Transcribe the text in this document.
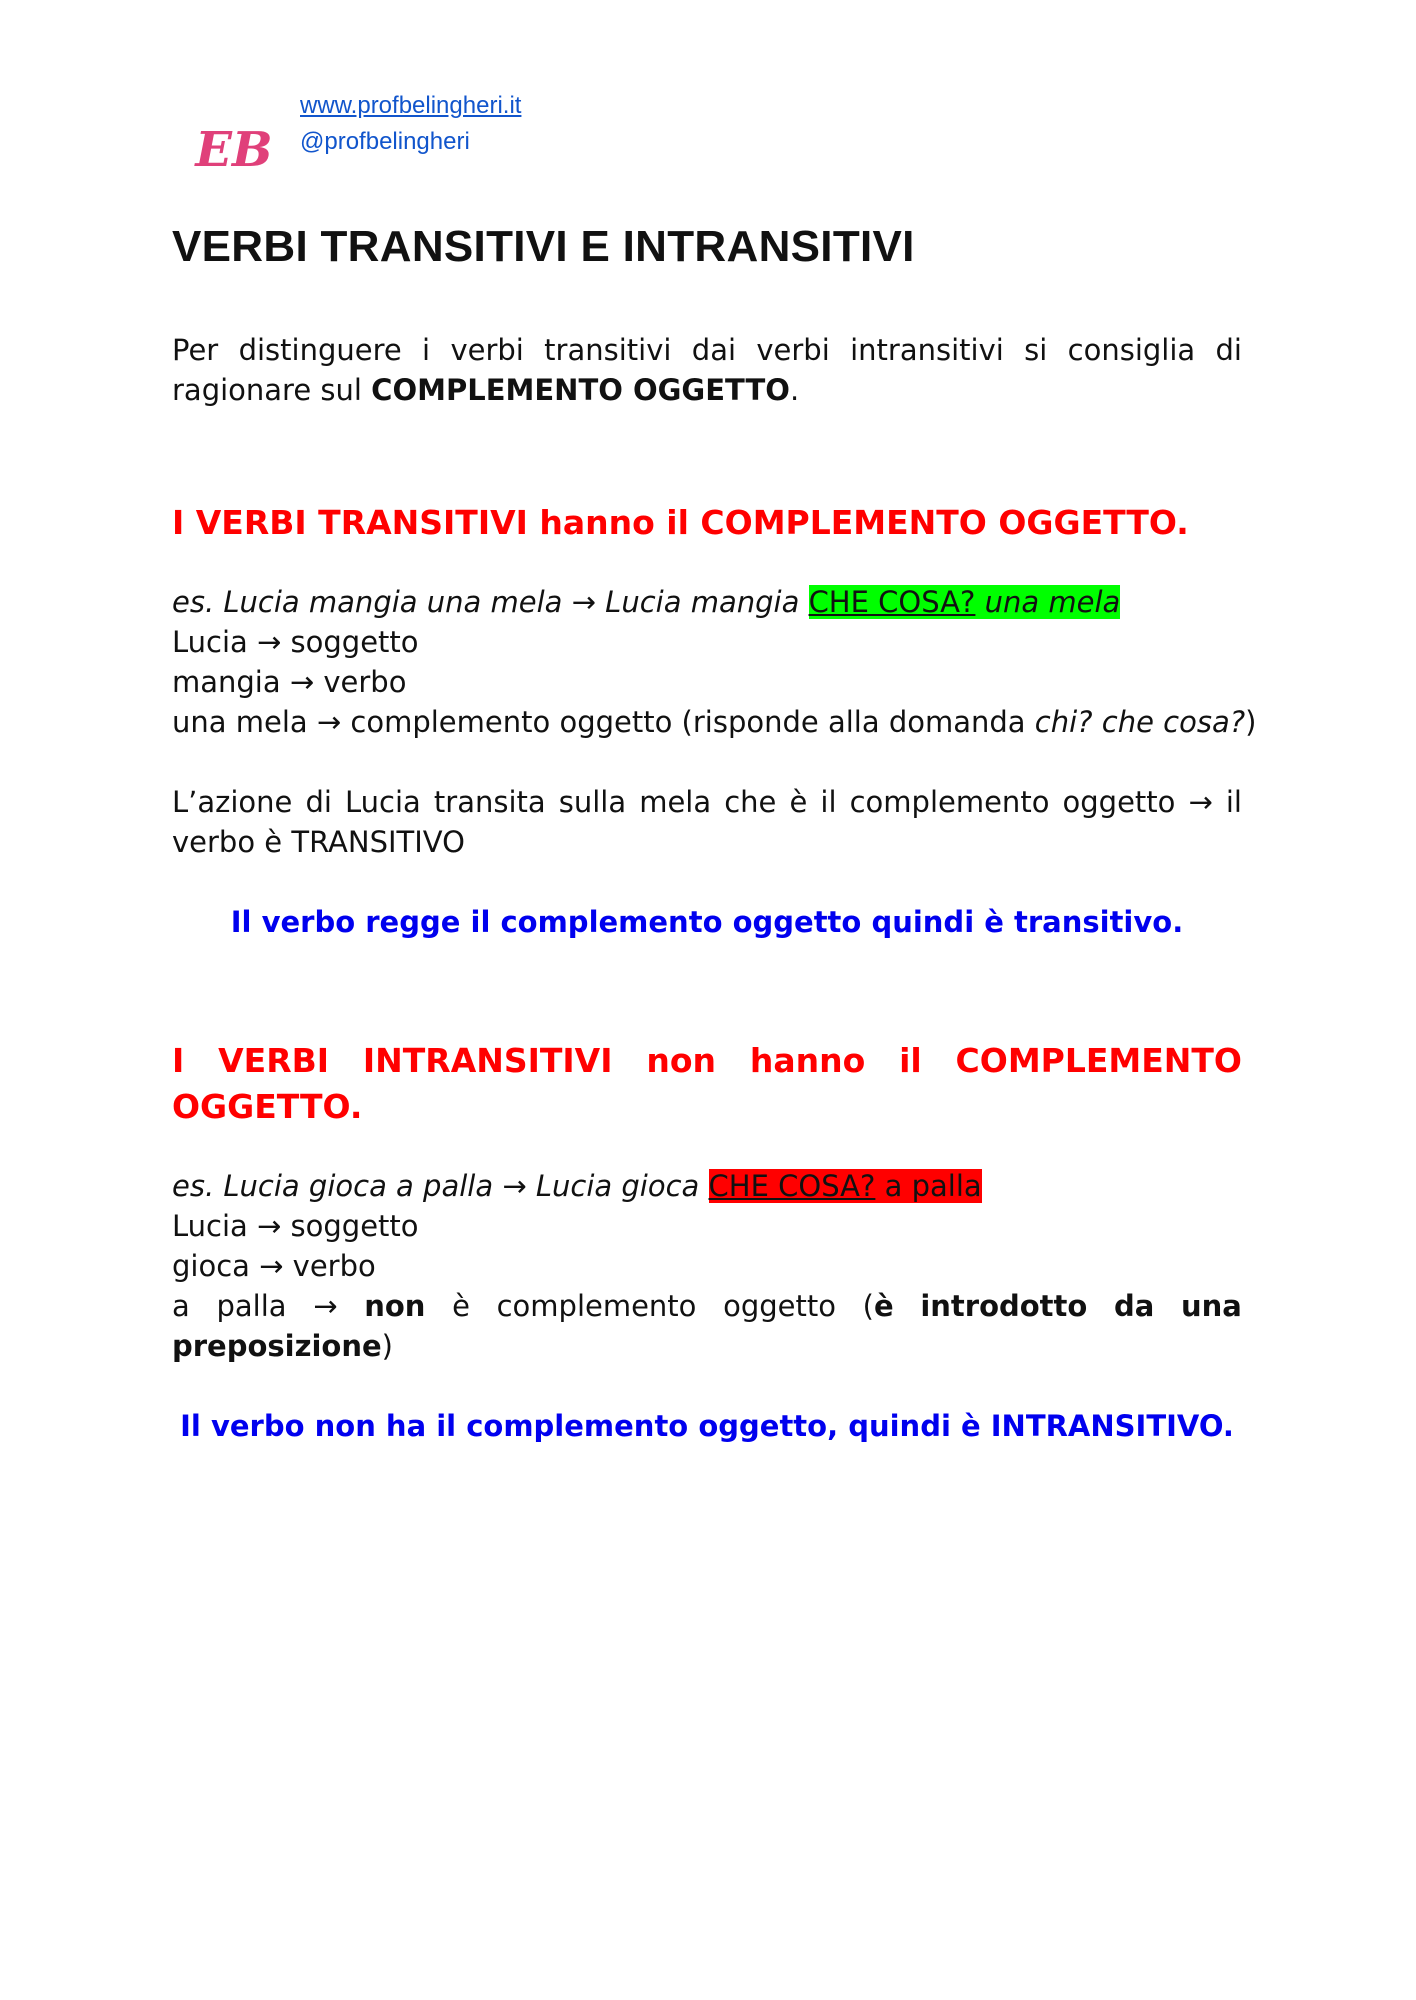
EB
www.profbelingheri.it
@profbelingheri
VERBI TRANSITIVI E INTRANSITIVI

Per distinguere i verbi transitivi dai verbi intransitivi si consiglia di ragionare sul COMPLEMENTO OGGETTO.

I VERBI TRANSITIVI hanno il COMPLEMENTO OGGETTO.

es. Lucia mangia una mela → Lucia mangia CHE COSA? una mela

Lucia → soggetto

mangia → verbo

una mela → complemento oggetto (risponde alla domanda chi? che cosa?)

L’azione di Lucia transita sulla mela che è il complemento oggetto → il verbo è TRANSITIVO

Il verbo regge il complemento oggetto quindi è transitivo.

I VERBI INTRANSITIVI non hanno il COMPLEMENTO OGGETTO.

es. Lucia gioca a palla → Lucia gioca CHE COSA? a palla

Lucia → soggetto

gioca → verbo

a palla → non è complemento oggetto (è introdotto da una

preposizione)

Il verbo non ha il complemento oggetto, quindi è INTRANSITIVO.
